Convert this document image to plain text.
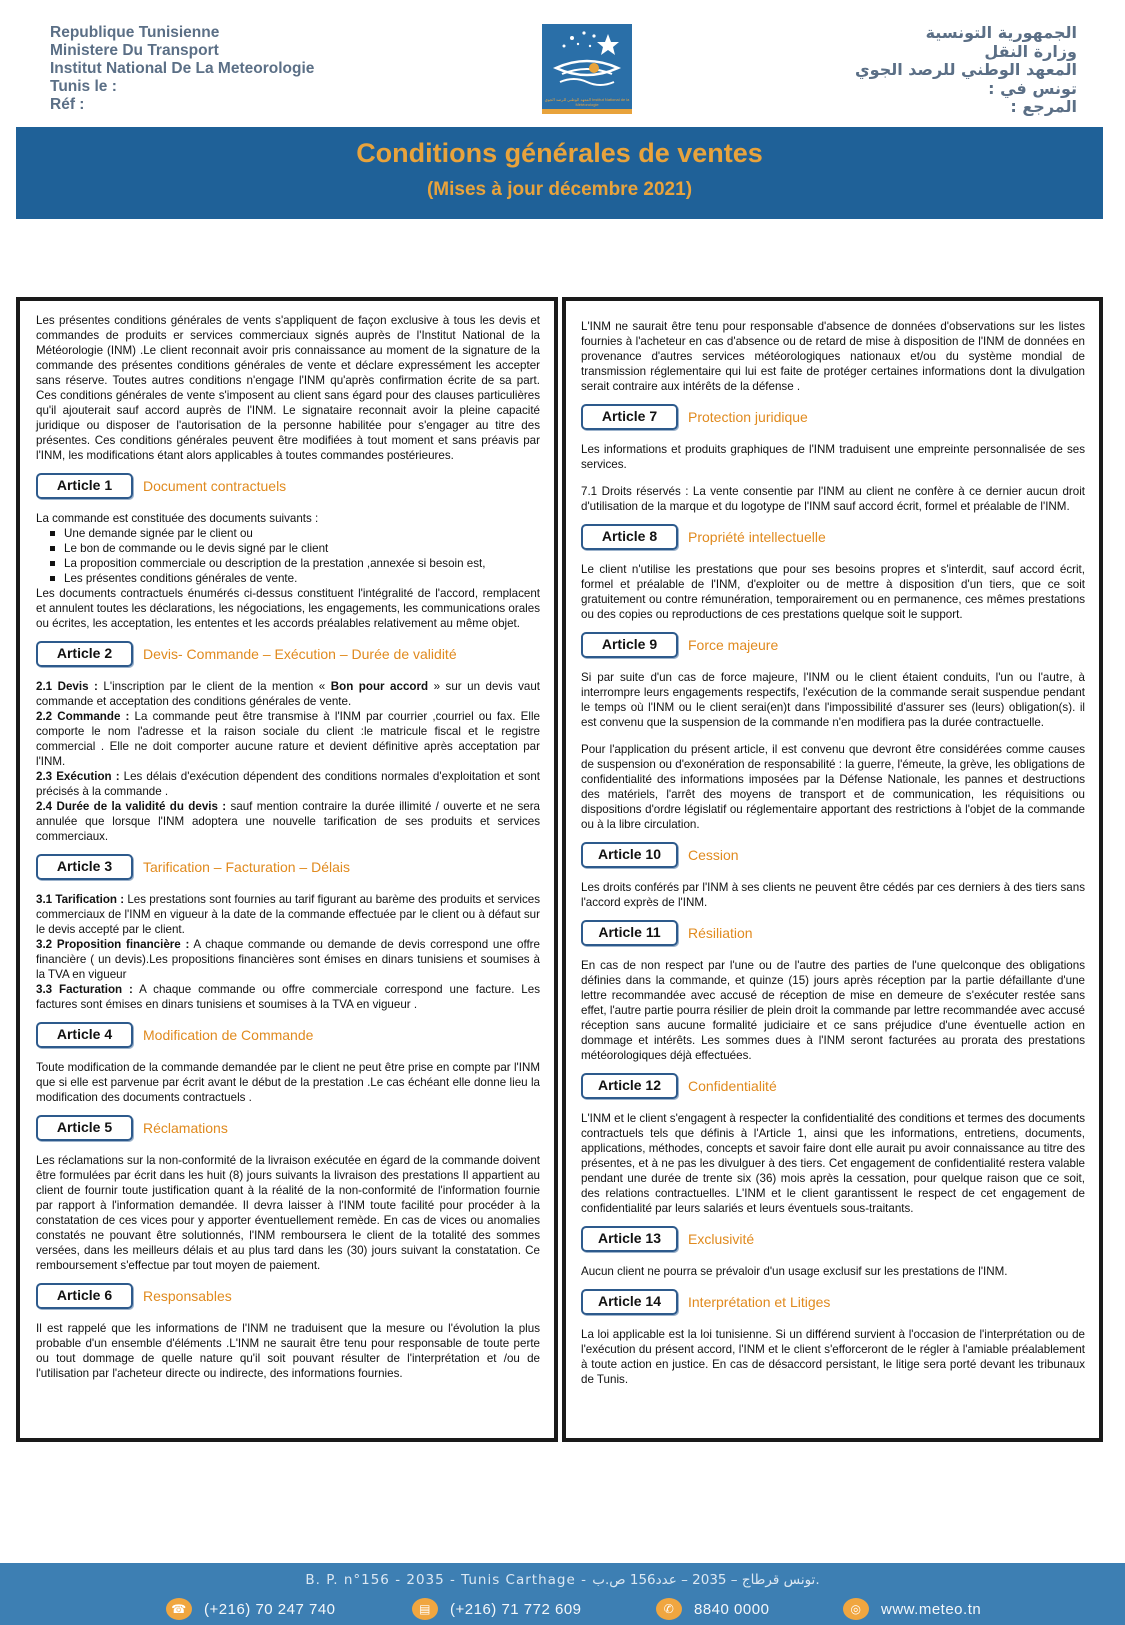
Republique Tunisienne
Ministere Du Transport
Institut National De La Meteorologie
Tunis le :
Réf :	المعهد الوطني للرصد الجوي Institut National de la Météorologie
الجمهورية التونسية
وزارة النقل
المعهد الوطني للرصد الجوي
تونس في :
المرجع :
Conditions générales de ventes
(Mises à jour décembre 2021)

Les présentes conditions générales de vents s'appliquent de façon exclusive à tous les devis et commandes de produits er services commerciaux signés auprès de l'Institut National de la Météorologie (INM) .Le client reconnait avoir pris connaissance au moment de la signature de la commande des présentes conditions générales de vente et déclare expressément les accepter sans réserve. Toutes autres conditions n'engage l'INM qu'après confirmation écrite de sa part. Ces conditions générales de vente s'imposent au client sans égard pour des clauses particulières qu'il ajouterait sauf accord auprès de l'INM. Le signataire reconnait avoir la pleine capacité juridique ou disposer de l'autorisation de la personne habilitée pour s'engager au titre des présentes. Ces conditions générales peuvent être modifiées à tout moment et sans préavis par l'INM, les modifications étant alors applicables à toutes commandes postérieures.

Article 1	Document contractuels

La commande est constituée des documents suivants :

Une demande signée par le client ou
Le bon de commande ou le devis signé par le client
La proposition commerciale ou description de la prestation ,annexée si besoin est,
Les présentes conditions générales de vente.

Les documents contractuels énumérés ci-dessus constituent l'intégralité de l'accord, remplacent et annulent toutes les déclarations, les négociations, les engagements, les communications orales ou écrites, les acceptation, les ententes et les accords préalables relativement au même objet.

Article 2	Devis- Commande – Exécution – Durée de validité

2.1 Devis : L'inscription par le client de la mention « Bon pour accord » sur un devis vaut commande et acceptation des conditions générales de vente.

2.2 Commande : La commande peut être transmise à l'INM par courrier ,courriel ou fax. Elle comporte le nom l'adresse et la raison sociale du client :le matricule fiscal et le registre commercial . Elle ne doit comporter aucune rature et devient définitive après acceptation par l'INM.

2.3 Exécution : Les délais d'exécution dépendent des conditions normales d'exploitation et sont précisés à la commande .

2.4 Durée de la validité du devis : sauf mention contraire la durée illimité / ouverte et ne sera annulée que lorsque l'INM adoptera une nouvelle tarification de ses produits et services commerciaux.

Article 3	Tarification – Facturation – Délais

3.1 Tarification : Les prestations sont fournies au tarif figurant au barème des produits et services commerciaux de l'INM en vigueur à la date de la commande effectuée par le client ou à défaut sur le devis accepté par le client.

3.2 Proposition financière : A chaque commande ou demande de devis correspond une offre financière ( un devis).Les propositions financières sont émises en dinars tunisiens et soumises à la TVA en vigueur

3.3 Facturation : A chaque commande ou offre commerciale correspond une facture. Les factures sont émises en dinars tunisiens et soumises à la TVA en vigueur .

Article 4	Modification de Commande

Toute modification de la commande demandée par le client ne peut être prise en compte par l'INM que si elle est parvenue par écrit avant le début de la prestation .Le cas échéant elle donne lieu la modification des documents contractuels .

Article 5	Réclamations

Les réclamations sur la non-conformité de la livraison exécutée en égard de la commande doivent être formulées par écrit dans les huit (8) jours suivants la livraison des prestations Il appartient au client de fournir toute justification quant à la réalité de la non-conformité de l'information fournie par rapport à l'information demandée. Il devra laisser à l'INM toute facilité pour procéder à la constatation de ces vices pour y apporter éventuellement remède. En cas de vices ou anomalies constatés ne pouvant être solutionnés, l'INM remboursera le client de la totalité des sommes versées, dans les meilleurs délais et au plus tard dans les (30) jours suivant la constatation. Ce remboursement s'effectue par tout moyen de paiement.

Article 6	Responsables

Il est rappelé que les informations de l'INM ne traduisent que la mesure ou l'évolution la plus probable d'un ensemble d'éléments .L'INM ne saurait être tenu pour responsable de toute perte ou tout dommage de quelle nature qu'il soit pouvant résulter de l'interprétation et /ou de l'utilisation par l'acheteur directe ou indirecte, des informations fournies.

L'INM ne saurait être tenu pour responsable d'absence de données d'observations sur les listes fournies à l'acheteur en cas d'absence ou de retard de mise à disposition de l'INM de données en provenance d'autres services météorologiques nationaux et/ou du système mondial de transmission réglementaire qui lui est faite de protéger certaines informations dont la divulgation serait contraire aux intérêts de la défense .

Article 7	Protection juridique

Les informations et produits graphiques de l'INM traduisent une empreinte personnalisée de ses services.

7.1 Droits réservés : La vente consentie par l'INM au client ne confère à ce dernier aucun droit d'utilisation de la marque et du logotype de l'INM sauf accord écrit, formel et préalable de l'INM.

Article 8	Propriété intellectuelle

Le client n'utilise les prestations que pour ses besoins propres et s'interdit, sauf accord écrit, formel et préalable de l'INM, d'exploiter ou de mettre à disposition d'un tiers, que ce soit gratuitement ou contre rémunération, temporairement ou en permanence, ces mêmes prestations ou des copies ou reproductions de ces prestations quelque soit le support.

Article 9	Force majeure

Si par suite d'un cas de force majeure, l'INM ou le client étaient conduits, l'un ou l'autre, à interrompre leurs engagements respectifs, l'exécution de la commande serait suspendue pendant le temps où l'INM ou le client serai(en)t dans l'impossibilité d'assurer ses (leurs) obligation(s). il est convenu que la suspension de la commande n'en modifiera pas la durée contractuelle.

Pour l'application du présent article, il est convenu que devront être considérées comme causes de suspension ou d'exonération de responsabilité : la guerre, l'émeute, la grève, les obligations de confidentialité des informations imposées par la Défense Nationale, les pannes et destructions des matériels, l'arrêt des moyens de transport et de communication, les réquisitions ou dispositions d'ordre législatif ou réglementaire apportant des restrictions à l'objet de la commande ou à la libre circulation.

Article 10	Cession

Les droits conférés par l'INM à ses clients ne peuvent être cédés par ces derniers à des tiers sans l'accord exprès de l'INM.

Article 11	Résiliation

En cas de non respect par l'une ou de l'autre des parties de l'une quelconque des obligations définies dans la commande, et quinze (15) jours après réception par la partie défaillante d'une lettre recommandée avec accusé de réception de mise en demeure de s'exécuter restée sans effet, l'autre partie pourra résilier de plein droit la commande par lettre recommandée avec accusé réception sans aucune formalité judiciaire et ce sans préjudice d'une éventuelle action en dommage et intérêts. Les sommes dues à l'INM seront facturées au prorata des prestations météorologiques déjà effectuées.

Article 12	Confidentialité

L'INM et le client s'engagent à respecter la confidentialité des conditions et termes des documents contractuels tels que définis à l'Article 1, ainsi que les informations, entretiens, documents, applications, méthodes, concepts et savoir faire dont elle aurait pu avoir connaissance au titre des présentes, et à ne pas les divulguer à des tiers. Cet engagement de confidentialité restera valable pendant une durée de trente six (36) mois après la cessation, pour quelque raison que ce soit, des relations contractuelles. L'INM et le client garantissent le respect de cet engagement de confidentialité par leurs salariés et leurs éventuels sous-traitants.

Article 13	Exclusivité

Aucun client ne pourra se prévaloir d'un usage exclusif sur les prestations de l'INM.

Article 14	Interprétation et Litiges

La loi applicable est la loi tunisienne. Si un différend survient à l'occasion de l'interprétation ou de l'exécution du présent accord, l'INM et le client s'efforceront de le régler à l'amiable préalablement à toute action en justice. En cas de désaccord persistant, le litige sera porté devant les tribunaux de Tunis.

B. P. n°156 - 2035 - Tunis Carthage - تونس قرطاج – 2035 – عدد156 ص.ب.
☎	(+216) 70 247 740	▤	(+216) 71 772 609	✆	8840 0000	◎	www.meteo.tn
